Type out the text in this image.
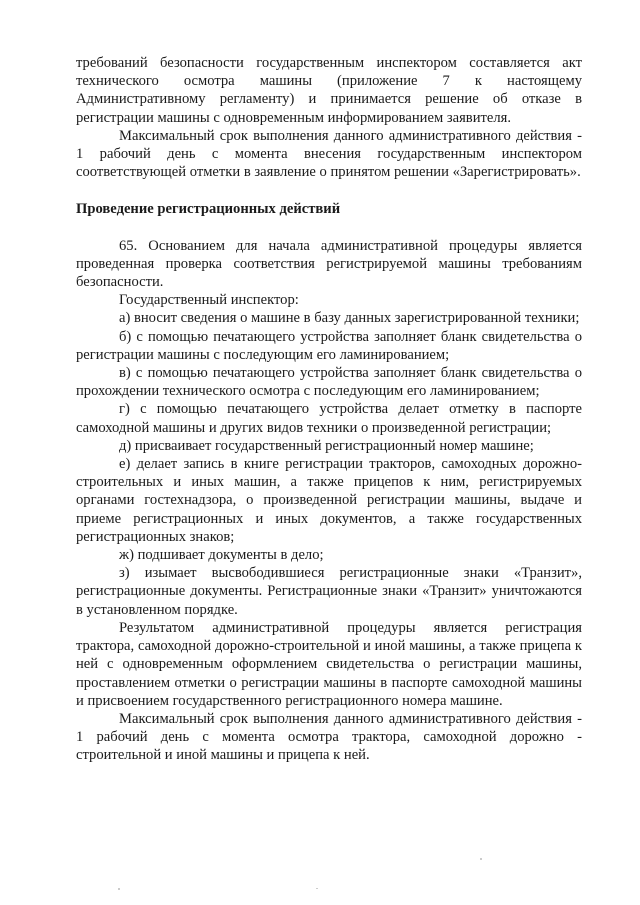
требований безопасности государственным инспектором составляется акт технического осмотра машины (приложение 7 к настоящему Административному регламенту) и принимается решение об отказе в регистрации машины с одновременным информированием заявителя.

Максимальный срок выполнения данного административного действия - 1 рабочий день с момента внесения государственным инспектором соответствующей отметки в заявление о принятом решении «Зарегистрировать».

Проведение регистрационных действий

65. Основанием для начала административной процедуры является проведенная проверка соответствия регистрируемой машины требованиям безопасности.

Государственный инспектор:

а) вносит сведения о машине в базу данных зарегистрированной техники;

б) с помощью печатающего устройства заполняет бланк свидетельства о регистрации машины с последующим его ламинированием;

в) с помощью печатающего устройства заполняет бланк свидетельства о прохождении технического осмотра с последующим его ламинированием;

г) с помощью печатающего устройства делает отметку в паспорте самоходной машины и других видов техники о произведенной регистрации;

д) присваивает государственный регистрационный номер машине;

е) делает запись в книге регистрации тракторов, самоходных дорожно-строительных и иных машин, а также прицепов к ним, регистрируемых органами гостехнадзора, о произведенной регистрации машины, выдаче и приеме регистрационных и иных документов, а также государственных регистрационных знаков;

ж) подшивает документы в дело;

з) изымает высвободившиеся регистрационные знаки «Транзит», регистрационные документы. Регистрационные знаки «Транзит» уничтожаются в установленном порядке.

Результатом административной процедуры является регистрация трактора, самоходной дорожно-строительной и иной машины, а также прицепа к ней с одновременным оформлением свидетельства о регистрации машины, проставлением отметки о регистрации машины в паспорте самоходной машины и присвоением государственного регистрационного номера машине.

Максимальный срок выполнения данного административного действия - 1 рабочий день с момента осмотра трактора, самоходной дорожно - строительной и иной машины и прицепа к ней.
